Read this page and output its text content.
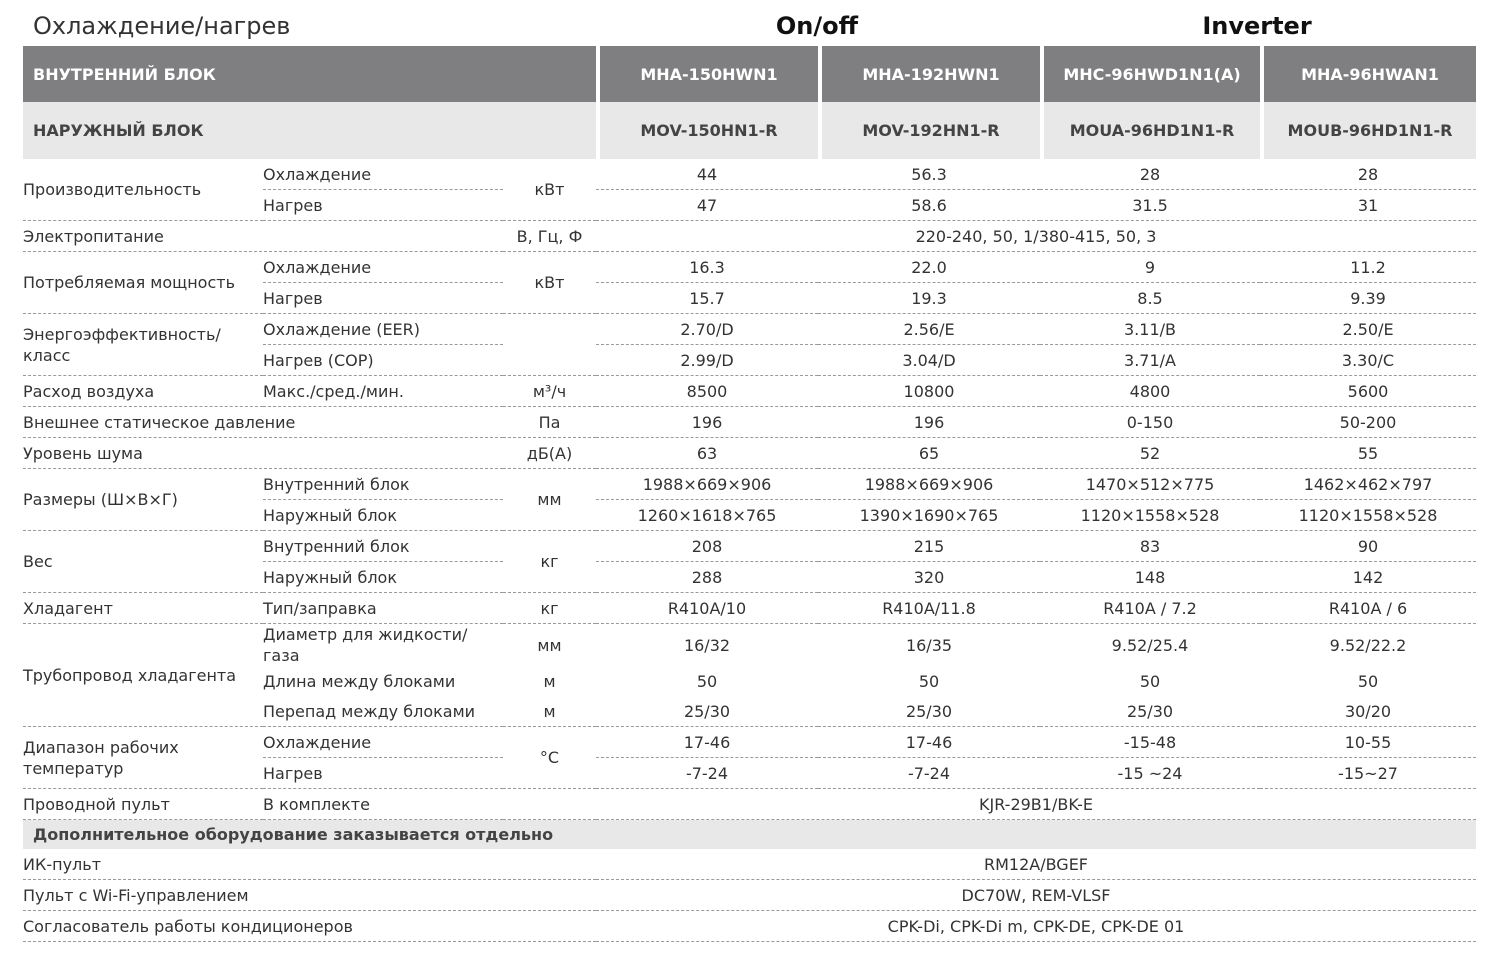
Охлаждение/нагрев	On/off	Inverter
ВНУТРЕННИЙ БЛОК				MHA-150HWN1		MHA-192HWN1		MHC-96HWD1N1(A)		MHA-96HWAN1
НАРУЖНЫЙ БЛОК				MOV-150HN1-R		MOV-192HN1-R		MOUA-96HD1N1-R		MOUB-96HD1N1-R
Производительность	Охлаждение	кВт	44		56.3		28		28	
	Нагрев		47		58.6		31.5		31	
Электропитание		В, Гц, Ф	220-240, 50, 1/380-415, 50, 3							
Потребляемая мощность	Охлаждение	кВт	16.3		22.0		9		11.2	
	Нагрев		15.7		19.3		8.5		9.39	
Энергоэффективность/ класс	Охлаждение (EER)		2.70/D		2.56/E		3.11/B		2.50/E	
	Нагрев (COP)		2.99/D		3.04/D		3.71/A		3.30/C	
Расход воздуха	Макс./сред./мин.	м³/ч	8500		10800		4800		5600	
Внешнее статическое давление		Па	196		196		0-150		50-200	
Уровень шума		дБ(А)	63		65		52		55	
Размеры (Ш×В×Г)	Внутренний блок	мм	1988×669×906		1988×669×906		1470×512×775		1462×462×797	
	Наружный блок		1260×1618×765		1390×1690×765		1120×1558×528		1120×1558×528	
Вес	Внутренний блок	кг	208		215		83		90	
	Наружный блок		288		320		148		142	
Хладагент	Тип/заправка	кг	R410A/10		R410A/11.8		R410A / 7.2		R410A / 6	
Трубопровод хладагента	Диаметр для жидкости/ газа	мм	16/32		16/35		9.52/25.4		9.52/22.2	
	Длина между блоками	м	50		50		50		50	
	Перепад между блоками	м	25/30		25/30		25/30		30/20	
Диапазон рабочих температур	Охлаждение	°C	17-46		17-46		-15-48		10-55	
	Нагрев		-7-24		-7-24		-15 ~24		-15~27	
Проводной пульт	В комплекте		KJR-29B1/BK-E							
Дополнительное оборудование заказывается отдельно										
ИК-пульт			RM12A/BGEF							
Пульт с Wi-Fi-управлением			DC70W, REM-VLSF							
Согласователь работы кондиционеров			CPK-Di, CPK-Di m, CPK-DE, CPK-DE 01							
